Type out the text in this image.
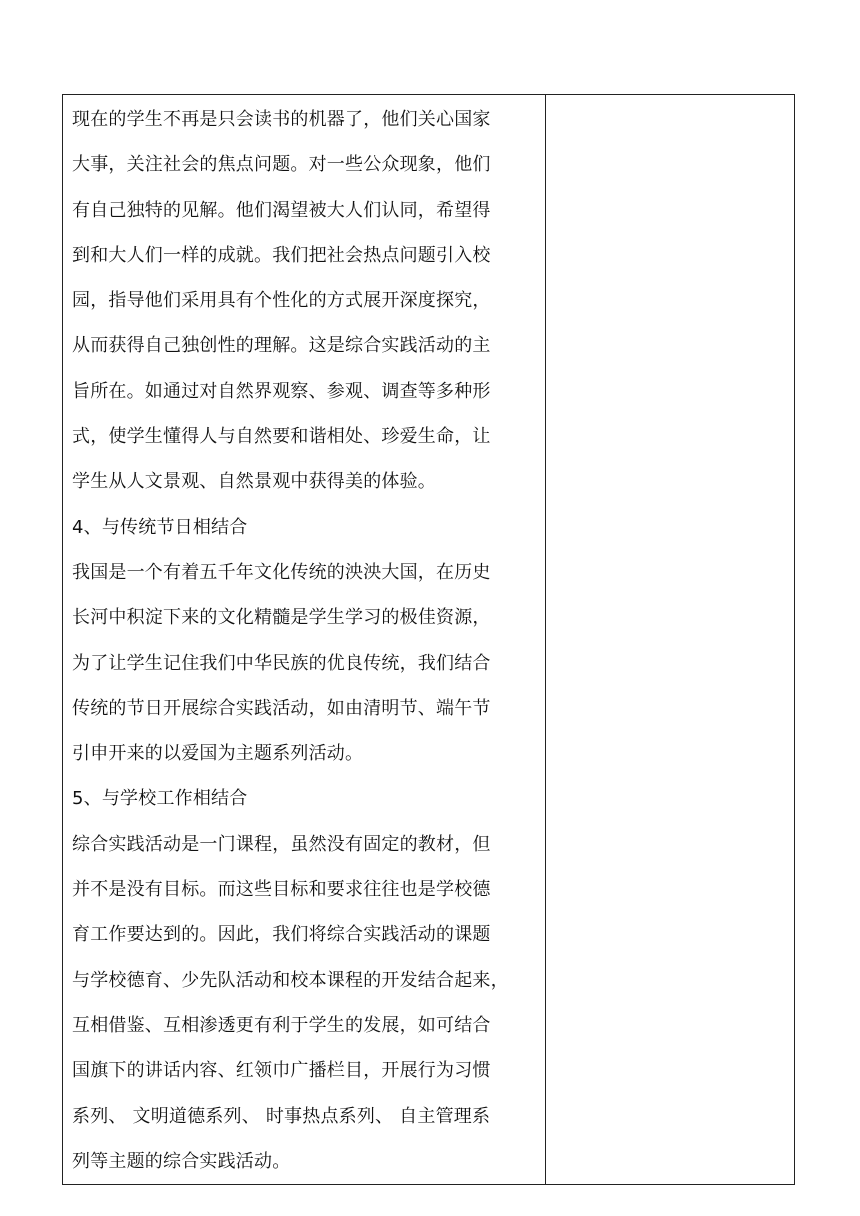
现在的学生不再是只会读书的机器了，他们关心国家
大事，关注社会的焦点问题。对一些公众现象，他们
有自己独特的见解。他们渴望被大人们认同，希望得
到和大人们一样的成就。我们把社会热点问题引入校
园，指导他们采用具有个性化的方式展开深度探究，
从而获得自己独创性的理解。这是综合实践活动的主
旨所在。如通过对自然界观察、参观、调查等多种形
式，使学生懂得人与自然要和谐相处、珍爱生命，让
学生从人文景观、自然景观中获得美的体验。
4、与传统节日相结合
我国是一个有着五千年文化传统的泱泱大国，在历史
长河中积淀下来的文化精髓是学生学习的极佳资源，
为了让学生记住我们中华民族的优良传统，我们结合
传统的节日开展综合实践活动，如由清明节、端午节
引申开来的以爱国为主题系列活动。
5、与学校工作相结合
综合实践活动是一门课程，虽然没有固定的教材，但
并不是没有目标。而这些目标和要求往往也是学校德
育工作要达到的。因此，我们将综合实践活动的课题
与学校德育、少先队活动和校本课程的开发结合起来，
互相借鉴、互相渗透更有利于学生的发展，如可结合
国旗下的讲话内容、红领巾广播栏目，开展行为习惯
系列、 文明道德系列、 时事热点系列、 自主管理系
列等主题的综合实践活动。
